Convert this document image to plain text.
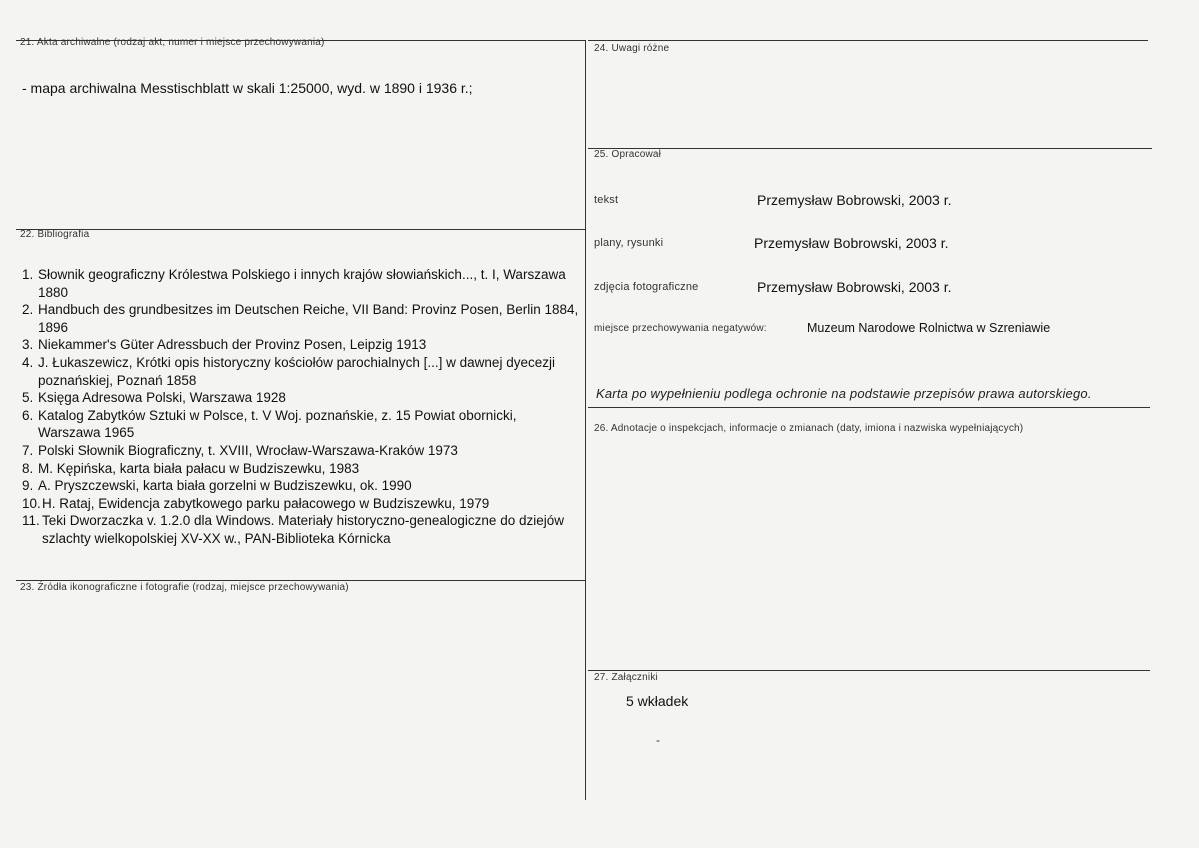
21. Akta archiwalne (rodzaj akt, numer i miejsce przechowywania)
- mapa archiwalna Messtischblatt w skali 1:25000, wyd. w 1890 i 1936 r.;
22. Bibliografia
1. Słownik geograficzny Królestwa Polskiego i innych krajów słowiańskich..., t. I, Warszawa 1880
2. Handbuch des grundbesitzes im Deutschen Reiche, VII Band: Provinz Posen, Berlin 1884, 1896
3. Niekammer's Güter Adressbuch der Provinz Posen, Leipzig 1913
4. J. Łukaszewicz, Krótki opis historyczny kościołów parochialnych [...] w dawnej dyecezji poznańskiej, Poznań 1858
5. Księga Adresowa Polski, Warszawa 1928
6. Katalog Zabytków Sztuki w Polsce, t. V Woj. poznańskie, z. 15 Powiat obornicki, Warszawa 1965
7. Polski Słownik Biograficzny, t. XVIII, Wrocław-Warszawa-Kraków 1973
8. M. Kępińska, karta biała pałacu w Budziszewku, 1983
9. A. Pryszczewski, karta biała gorzelni w Budziszewku, ok. 1990
10. H. Rataj, Ewidencja zabytkowego parku pałacowego w Budziszewku, 1979
11. Teki Dworzaczka v. 1.2.0 dla Windows. Materiały historyczno-genealogiczne do dziejów szlachty wielkopolskiej XV-XX w., PAN-Biblioteka Kórnicka
23. Źródła ikonograficzne i fotografie (rodzaj, miejsce przechowywania)
24. Uwagi różne
25. Opracował
tekst	Przemysław Bobrowski, 2003 r.
plany, rysunki	Przemysław Bobrowski, 2003 r.
zdjęcia fotograficzne	Przemysław Bobrowski, 2003 r.
miejsce przechowywania negatywów:	Muzeum Narodowe Rolnictwa w Szreniawie
Karta po wypełnieniu podlega ochronie na podstawie przepisów prawa autorskiego.
26. Adnotacje o inspekcjach, informacje o zmianach (daty, imiona i nazwiska wypełniających)
27. Załączniki
5 wkładek
-
